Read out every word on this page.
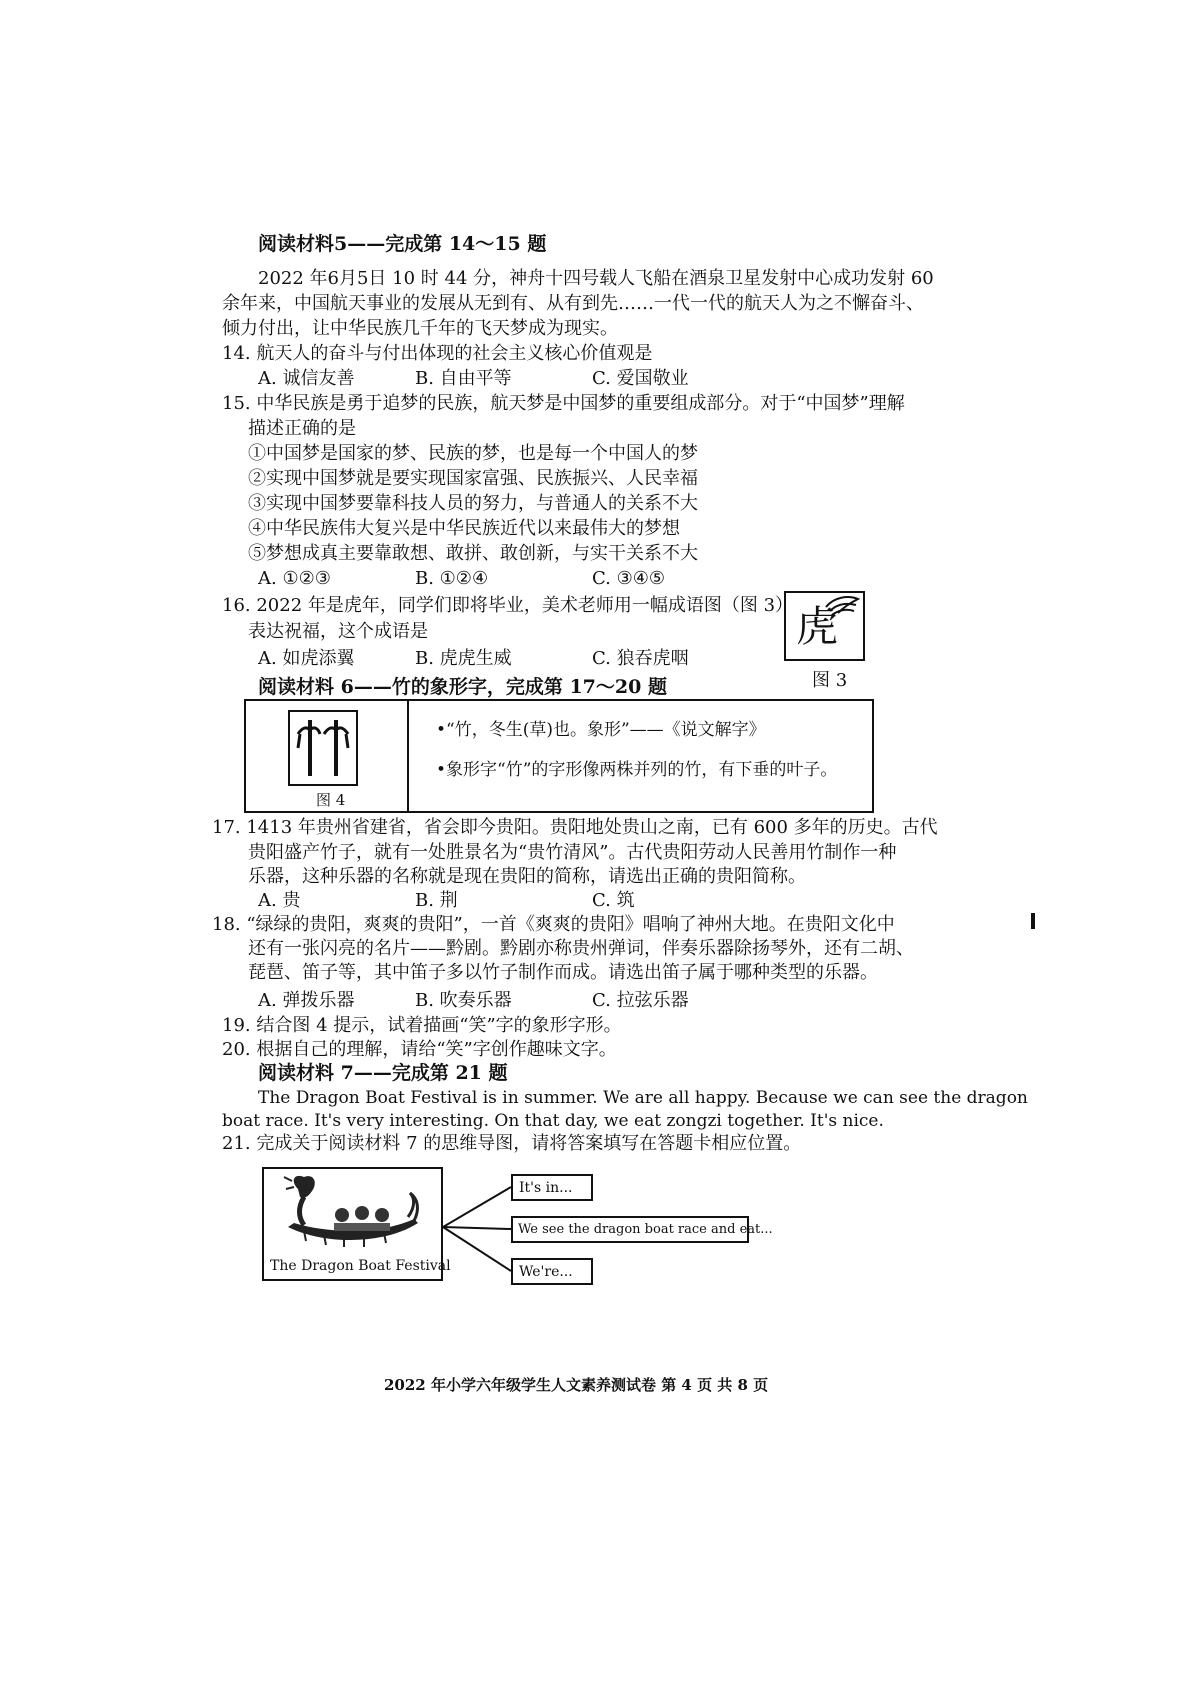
阅读材料5——完成第 14～15 题
2022 年6月5日 10 时 44 分，神舟十四号载人飞船在酒泉卫星发射中心成功发射 60
余年来，中国航天事业的发展从无到有、从有到先……一代一代的航天人为之不懈奋斗、
倾力付出，让中华民族几千年的飞天梦成为现实。
14. 航天人的奋斗与付出体现的社会主义核心价值观是
A. 诚信友善	B. 自由平等	C. 爱国敬业
15. 中华民族是勇于追梦的民族，航天梦是中国梦的重要组成部分。对于“中国梦”理解
描述正确的是
①中国梦是国家的梦、民族的梦，也是每一个中国人的梦
②实现中国梦就是要实现国家富强、民族振兴、人民幸福
③实现中国梦要靠科技人员的努力，与普通人的关系不大
④中华民族伟大复兴是中华民族近代以来最伟大的梦想
⑤梦想成真主要靠敢想、敢拼、敢创新，与实干关系不大
A. ①②③	B. ①②④	C. ③④⑤
16. 2022 年是虎年，同学们即将毕业，美术老师用一幅成语图（图 3）
表达祝福，这个成语是
A. 如虎添翼	B. 虎虎生威	C. 狼吞虎咽
虎
图 3
阅读材料 6——竹的象形字，完成第 17～20 题
图 4
•“竹，冬生(草)也。象形”——《说文解字》
•象形字“竹”的字形像两株并列的竹，有下垂的叶子。
17. 1413 年贵州省建省，省会即今贵阳。贵阳地处贵山之南，已有 600 多年的历史。古代
贵阳盛产竹子，就有一处胜景名为“贵竹清风”。古代贵阳劳动人民善用竹制作一种
乐器，这种乐器的名称就是现在贵阳的简称，请选出正确的贵阳简称。
A. 贵	B. 荆	C. 筑
18. “绿绿的贵阳，爽爽的贵阳”，一首《爽爽的贵阳》唱响了神州大地。在贵阳文化中
还有一张闪亮的名片——黔剧。黔剧亦称贵州弹词，伴奏乐器除扬琴外，还有二胡、
琵琶、笛子等，其中笛子多以竹子制作而成。请选出笛子属于哪种类型的乐器。
A. 弹拨乐器	B. 吹奏乐器	C. 拉弦乐器
19. 结合图 4 提示，试着描画“笑”字的象形字形。
20. 根据自己的理解，请给“笑”字创作趣味文字。
阅读材料 7——完成第 21 题
The Dragon Boat Festival is in summer. We are all happy. Because we can see the dragon
boat race. It's very interesting. On that day, we eat zongzi together. It's nice.
21. 完成关于阅读材料 7 的思维导图，请将答案填写在答题卡相应位置。
The Dragon Boat Festival
It's in...
We see the dragon boat race and eat...
We're...
2022 年小学六年级学生人文素养测试卷 第 4 页 共 8 页
